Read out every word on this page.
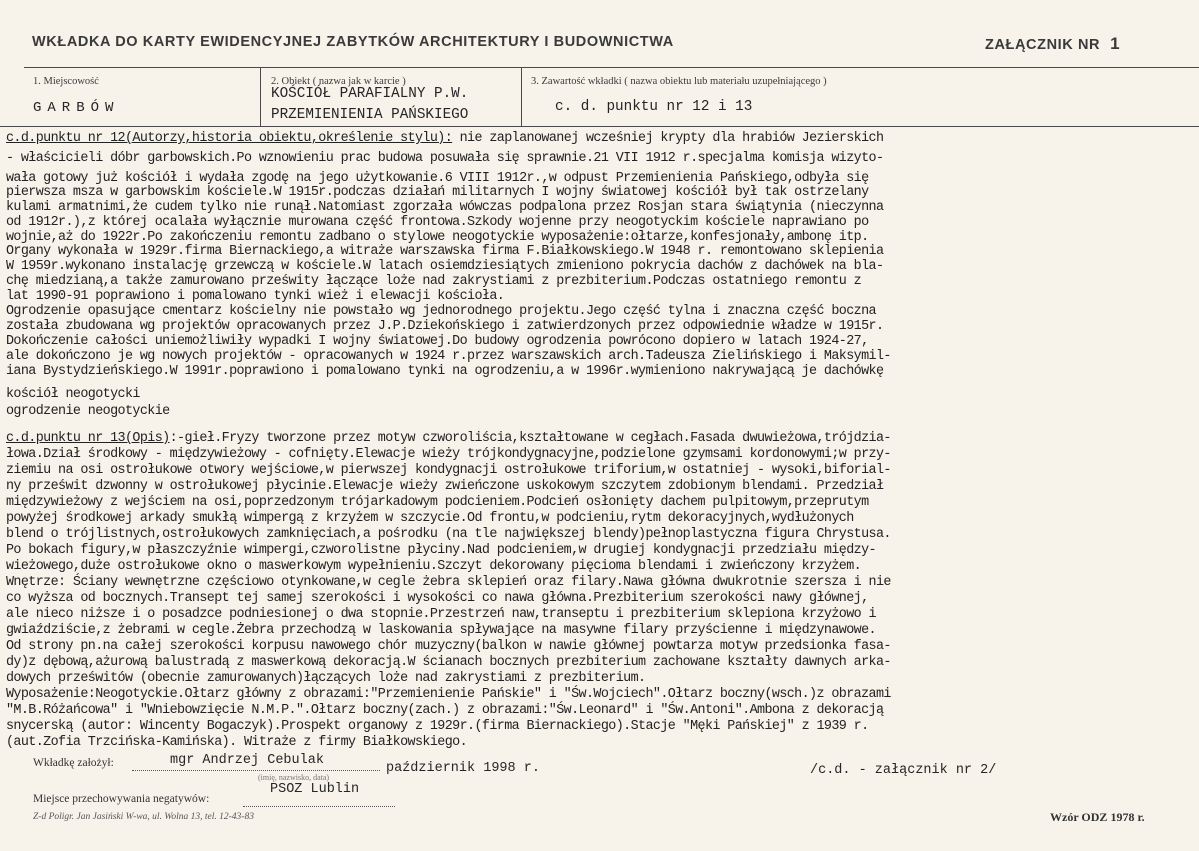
WKŁADKA DO KARTY EWIDENCYJNEJ ZABYTKÓW ARCHITEKTURY I BUDOWNICTWA	ZAŁĄCZNIK NR 1
1. Miejscowość
GARBÓW
2. Obiekt ( nazwa jak w karcie )
KOŚCIÓŁ PARAFIALNY P.W.
PRZEMIENIENIA PAŃSKIEGO
3. Zawartość wkładki ( nazwa obiektu lub materiału uzupełniającego )
c. d. punktu nr 12 i 13
c.d.punktu nr 12(Autorzy,historia obiektu,określenie stylu): nie zaplanowanej wcześniej krypty dla hrabiów Jezierskich
- właścicieli dóbr garbowskich.Po wznowieniu prac budowa posuwała się sprawnie.21 VII 1912 r.specjalma komisja wizyto-
wała gotowy już kościół i wydała zgodę na jego użytkowanie.6 VIII 1912r.,w odpust Przemienienia Pańskiego,odbyła się
pierwsza msza w garbowskim kościele.W 1915r.podczas działań militarnych I wojny światowej kościół był tak ostrzelany
kulami armatnimi,że cudem tylko nie runął.Natomiast zgorzała wówczas podpalona przez Rosjan stara świątynia (nieczynna
od 1912r.),z której ocalała wyłącznie murowana część frontowa.Szkody wojenne przy neogotyckim kościele naprawiano po
wojnie,aż do 1922r.Po zakończeniu remontu zadbano o stylowe neogotyckie wyposażenie:ołtarze,konfesjonały,ambonę itp.
Organy wykonała w 1929r.firma Biernackiego,a witraże warszawska firma F.Białkowskiego.W 1948 r. remontowano sklepienia
W 1959r.wykonano instalację grzewczą w kościele.W latach osiemdziesiątych zmieniono pokrycia dachów z dachówek na bla-
chę miedzianą,a także zamurowano prześwity łączące loże nad zakrystiami z prezbiterium.Podczas ostatniego remontu z
lat 1990-91 poprawiono i pomalowano tynki wież i elewacji kościoła.
Ogrodzenie opasujące cmentarz kościelny nie powstało wg jednorodnego projektu.Jego część tylna i znaczna część boczna
została zbudowana wg projektów opracowanych przez J.P.Dziekońskiego i zatwierdzonych przez odpowiednie władze w 1915r.
Dokończenie całości uniemożliwiły wypadki I wojny światowej.Do budowy ogrodzenia powrócono dopiero w latach 1924-27,
ale dokończono je wg nowych projektów - opracowanych w 1924 r.przez warszawskich arch.Tadeusza Zielińskiego i Maksymil-
iana Bystydzieńskiego.W 1991r.poprawiono i pomalowano tynki na ogrodzeniu,a w 1996r.wymieniono nakrywającą je dachówkę
kościół neogotycki
ogrodzenie neogotyckie
c.d.punktu nr 13(Opis):-gieł.Fryzy tworzone przez motyw czworoliścia,kształtowane w cegłach.Fasada dwuwieżowa,trójdzia-
łowa.Dział środkowy - międzywieżowy - cofnięty.Elewacje wieży trójkondygnacyjne,podzielone gzymsami kordonowymi;w przy-
ziemiu na osi ostrołukowe otwory wejściowe,w pierwszej kondygnacji ostrołukowe triforium,w ostatniej - wysoki,biforial-
ny prześwit dzwonny w ostrołukowej płycinie.Elewacje wieży zwieńczone uskokowym szczytem zdobionym blendami. Przedział
międzywieżowy z wejściem na osi,poprzedzonym trójarkadowym podcieniem.Podcień osłonięty dachem pulpitowym,przeprutym
powyżej środkowej arkady smukłą wimpergą z krzyżem w szczycie.Od frontu,w podcieniu,rytm dekoracyjnych,wydłużonych
blend o trójlistnych,ostrołukowych zamknięciach,a pośrodku (na tle największej blendy)pełnoplastyczna figura Chrystusa.
Po bokach figury,w płaszczyźnie wimpergi,czworolistne płyciny.Nad podcieniem,w drugiej kondygnacji przedziału między-
wieżowego,duże ostrołukowe okno o maswerkowym wypełnieniu.Szczyt dekorowany pięcioma blendami i zwieńczony krzyżem.
Wnętrze: Ściany wewnętrzne częściowo otynkowane,w cegle żebra sklepień oraz filary.Nawa główna dwukrotnie szersza i nie
co wyższa od bocznych.Transept tej samej szerokości i wysokości co nawa główna.Prezbiterium szerokości nawy głównej,
ale nieco niższe i o posadzce podniesionej o dwa stopnie.Przestrzeń naw,transeptu i prezbiterium sklepiona krzyżowo i
gwiaździście,z żebrami w cegle.Żebra przechodzą w laskowania spływające na masywne filary przyścienne i międzynawowe.
Od strony pn.na całej szerokości korpusu nawowego chór muzyczny(balkon w nawie głównej powtarza motyw przedsionka fasa-
dy)z dębową,ażurową balustradą z maswerkową dekoracją.W ścianach bocznych prezbiterium zachowane kształty dawnych arka-
dowych prześwitów (obecnie zamurowanych)łączących loże nad zakrystiami z prezbiterium.
Wyposażenie:Neogotyckie.Ołtarz główny z obrazami:"Przemienienie Pańskie" i "Św.Wojciech".Ołtarz boczny(wsch.)z obrazami
"M.B.Różańcowa" i "Wniebowzięcie N.M.P.".Ołtarz boczny(zach.) z obrazami:"Św.Leonard" i "Św.Antoni".Ambona z dekoracją
snycerską (autor: Wincenty Bogaczyk).Prospekt organowy z 1929r.(firma Biernackiego).Stacje "Męki Pańskiej" z 1939 r.
(aut.Zofia Trzcińska-Kamińska). Witraże z firmy Białkowskiego.
Wkładkę założył:	mgr Andrzej Cebulak
(imię, nazwisko, data)
październik 1998 r.	/c.d. - załącznik nr 2/
Miejsce przechowywania negatywów:
PSOZ Lublin
Z-d Poligr. Jan Jasiński W-wa, ul. Wolna 13, tel. 12-43-83	Wzór ODZ 1978 r.
